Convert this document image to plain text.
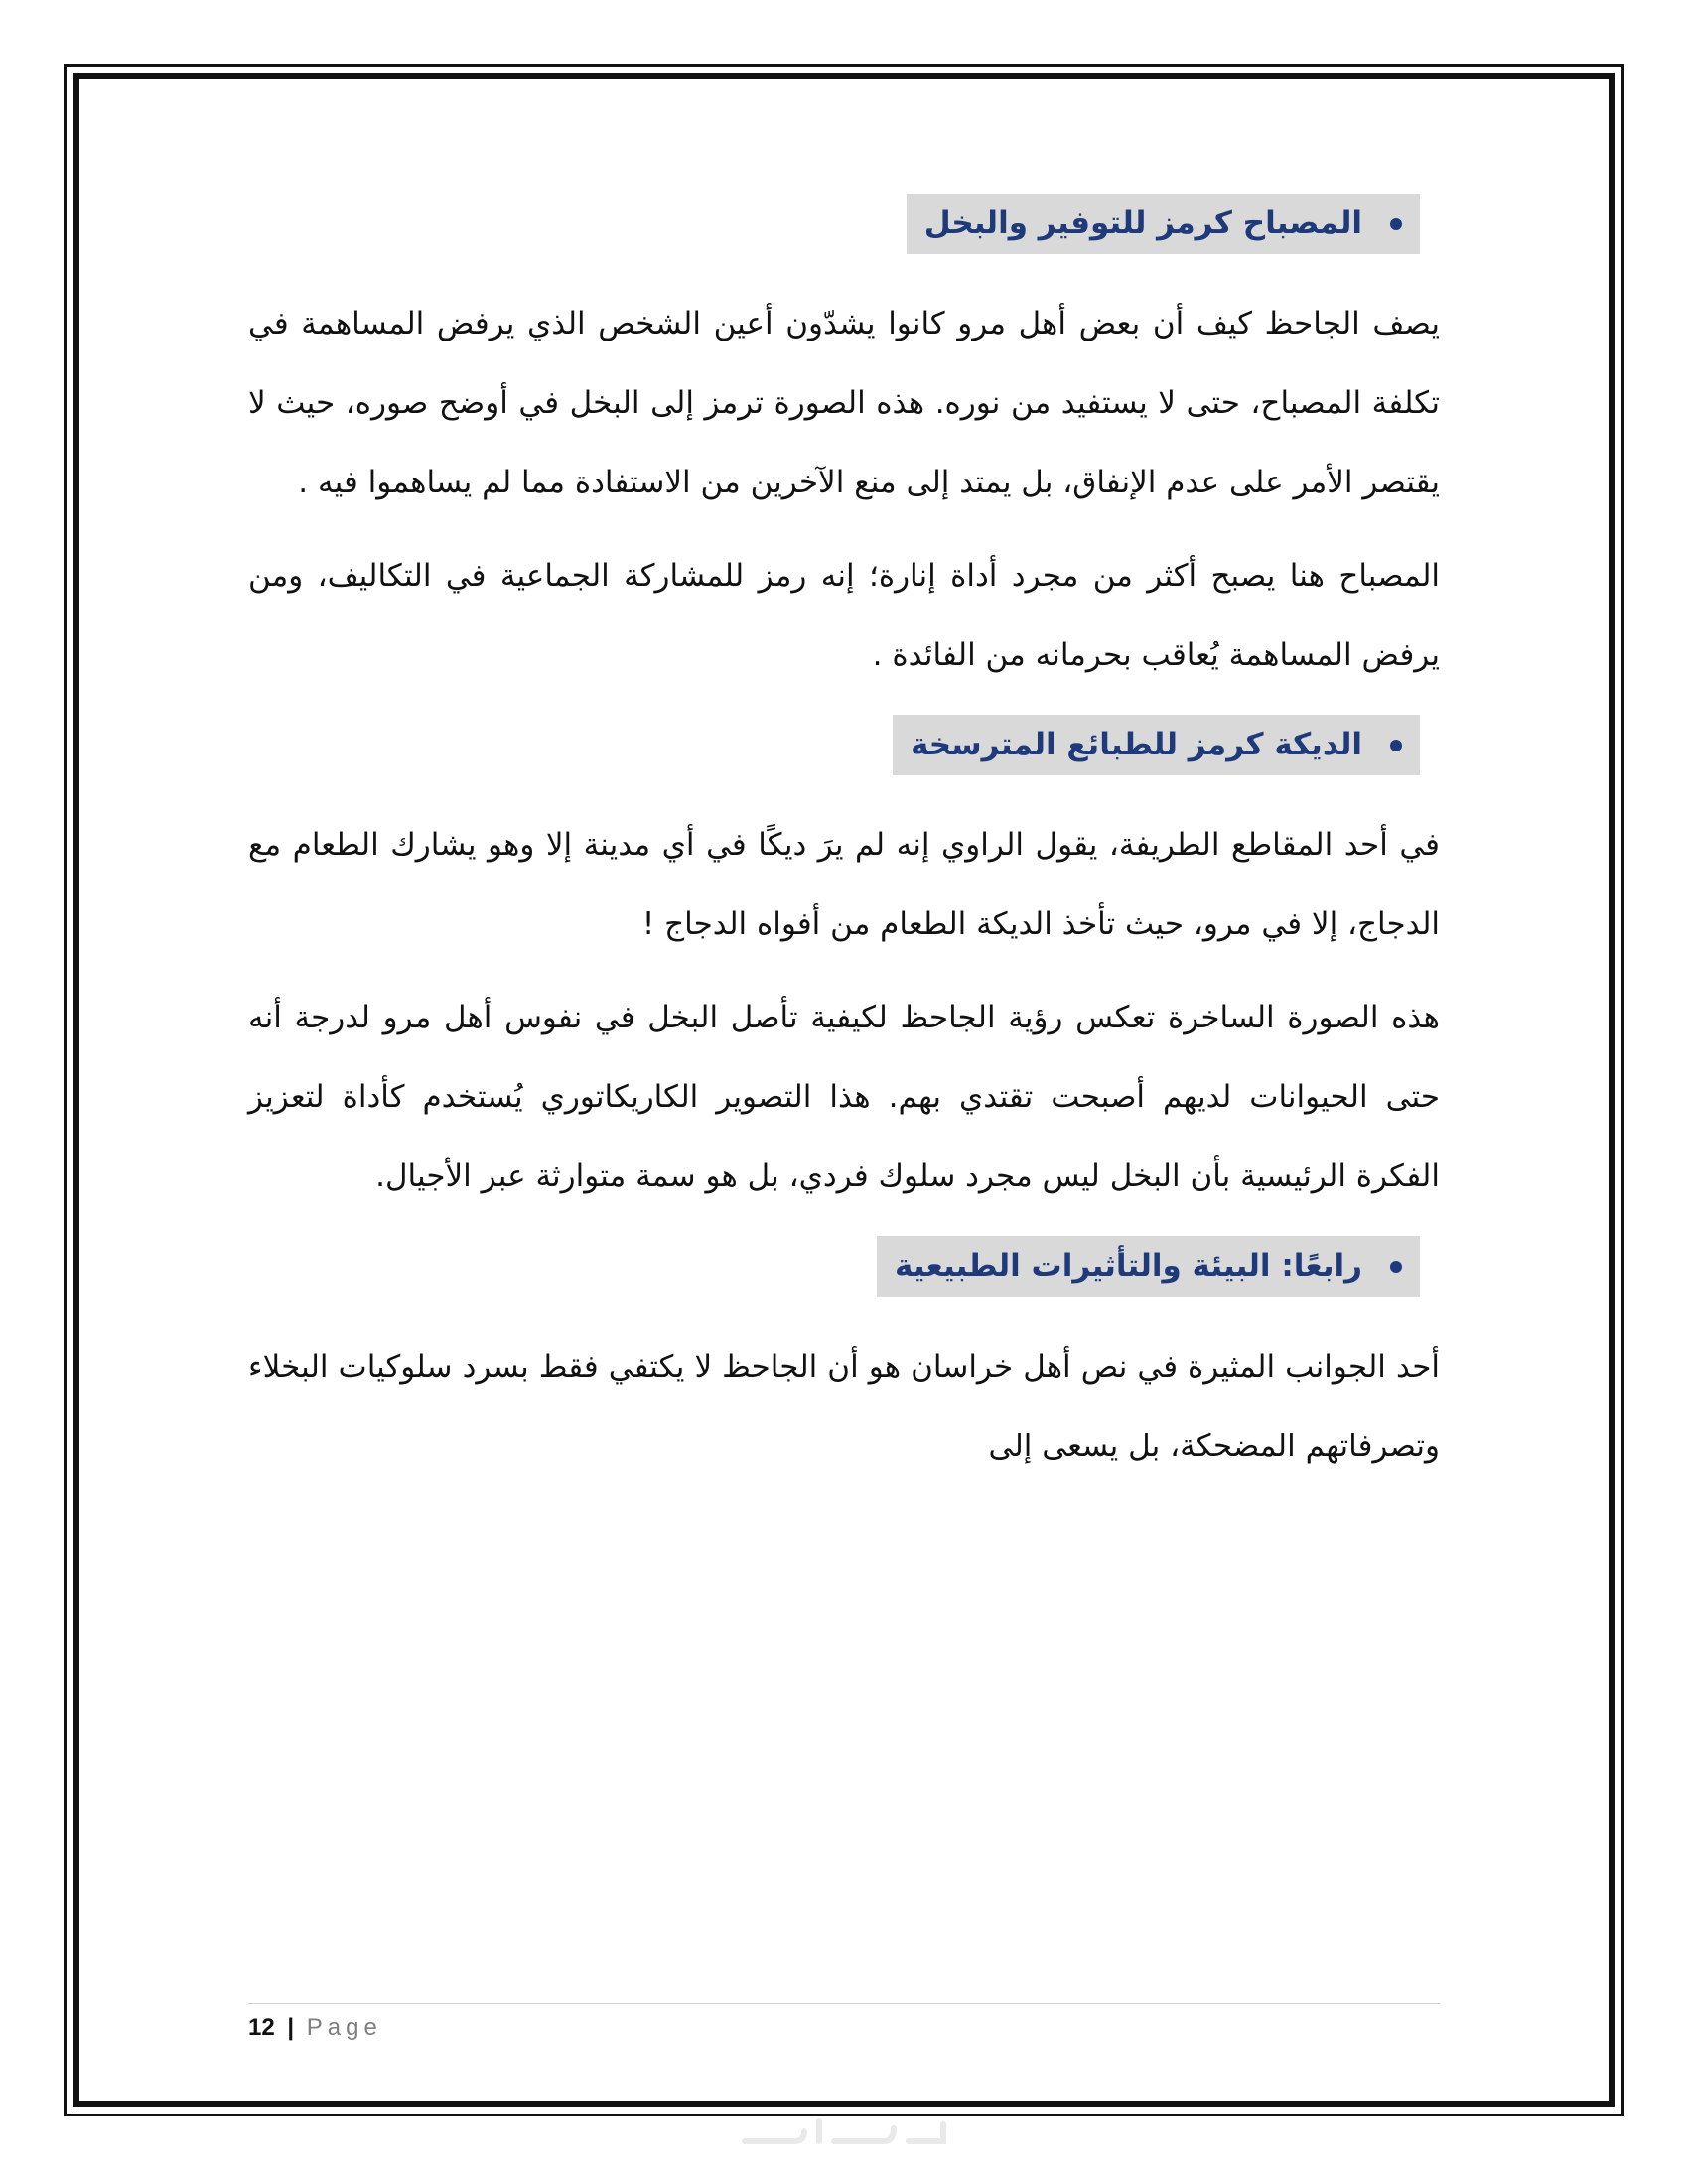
المصباح كرمز للتوفير والبخل

يصف الجاحظ كيف أن بعض أهل مرو كانوا يشدّون أعين الشخص الذي يرفض المساهمة في تكلفة المصباح، حتى لا يستفيد من نوره. هذه الصورة ترمز إلى البخل في أوضح صوره، حيث لا يقتصر الأمر على عدم الإنفاق، بل يمتد إلى منع الآخرين من الاستفادة مما لم يساهموا فيه .

المصباح هنا يصبح أكثر من مجرد أداة إنارة؛ إنه رمز للمشاركة الجماعية في التكاليف، ومن يرفض المساهمة يُعاقب بحرمانه من الفائدة .

الديكة كرمز للطبائع المترسخة

في أحد المقاطع الطريفة، يقول الراوي إنه لم يرَ ديكًا في أي مدينة إلا وهو يشارك الطعام مع الدجاج، إلا في مرو، حيث تأخذ الديكة الطعام من أفواه الدجاج !

هذه الصورة الساخرة تعكس رؤية الجاحظ لكيفية تأصل البخل في نفوس أهل مرو لدرجة أنه حتى الحيوانات لديهم أصبحت تقتدي بهم. هذا التصوير الكاريكاتوري يُستخدم كأداة لتعزيز الفكرة الرئيسية بأن البخل ليس مجرد سلوك فردي، بل هو سمة متوارثة عبر الأجيال.

رابعًا: البيئة والتأثيرات الطبيعية

أحد الجوانب المثيرة في نص أهل خراسان هو أن الجاحظ لا يكتفي فقط بسرد سلوكيات البخلاء وتصرفاتهم المضحكة، بل يسعى إلى

12 | Page
